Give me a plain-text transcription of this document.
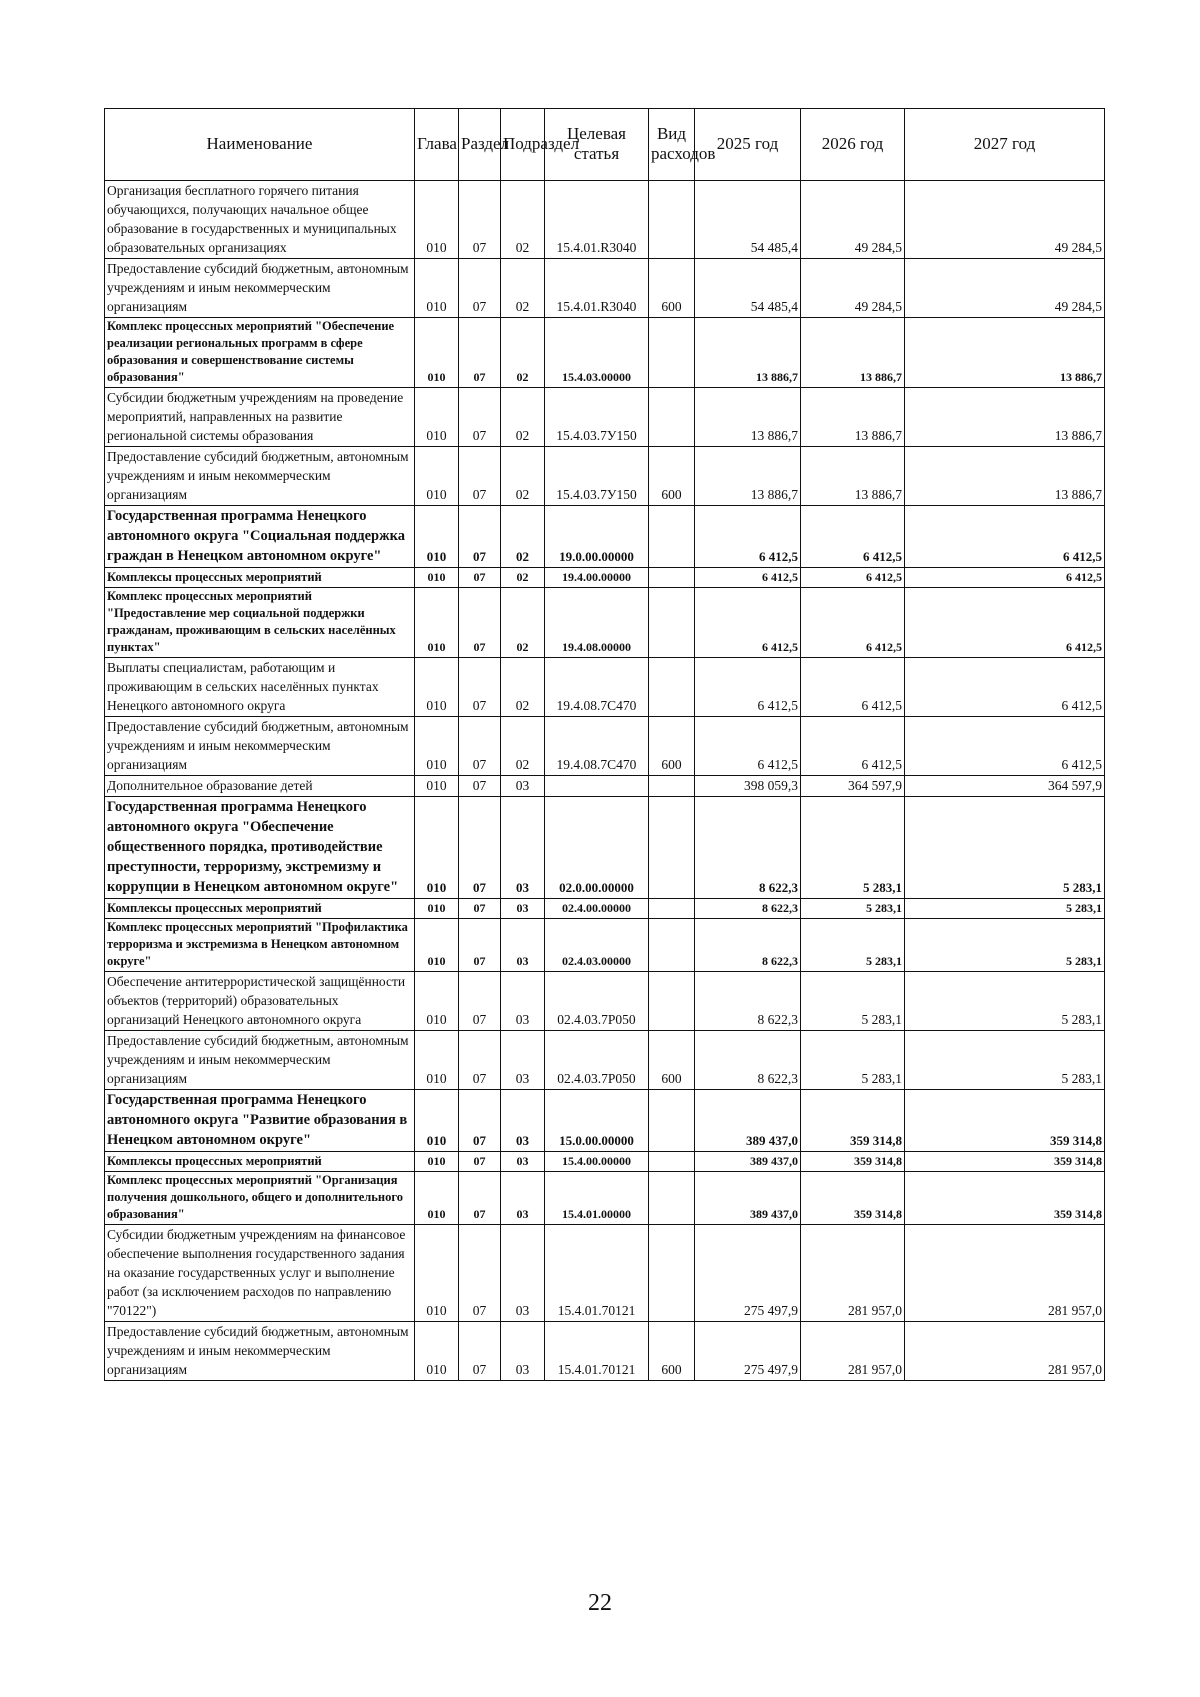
Наименование	Глава	Раздел	Подраздел	Целевая статья	Вид расходов	2025 год	2026 год	2027 год
Организация бесплатного горячего питания обучающихся, получающих начальное общее образование в государственных и муниципальных образовательных организациях	010	07	02	15.4.01.R3040		54 485,4	49 284,5	49 284,5
Предоставление субсидий бюджетным, автономным учреждениям и иным некоммерческим организациям	010	07	02	15.4.01.R3040	600	54 485,4	49 284,5	49 284,5
Комплекс процессных мероприятий "Обеспечение реализации региональных программ в сфере образования и совершенствование системы образования"	010	07	02	15.4.03.00000		13 886,7	13 886,7	13 886,7
Субсидии бюджетным учреждениям на проведение мероприятий, направленных на развитие региональной системы образования	010	07	02	15.4.03.7У150		13 886,7	13 886,7	13 886,7
Предоставление субсидий бюджетным, автономным учреждениям и иным некоммерческим организациям	010	07	02	15.4.03.7У150	600	13 886,7	13 886,7	13 886,7
Государственная программа Ненецкого автономного округа "Социальная поддержка граждан в Ненецком автономном округе"	010	07	02	19.0.00.00000		6 412,5	6 412,5	6 412,5
Комплексы процессных мероприятий	010	07	02	19.4.00.00000		6 412,5	6 412,5	6 412,5
Комплекс процессных мероприятий "Предоставление мер социальной поддержки гражданам, проживающим в сельских населённых пунктах"	010	07	02	19.4.08.00000		6 412,5	6 412,5	6 412,5
Выплаты специалистам, работающим и проживающим в сельских населённых пунктах Ненецкого автономного округа	010	07	02	19.4.08.7С470		6 412,5	6 412,5	6 412,5
Предоставление субсидий бюджетным, автономным учреждениям и иным некоммерческим организациям	010	07	02	19.4.08.7С470	600	6 412,5	6 412,5	6 412,5
Дополнительное образование детей	010	07	03			398 059,3	364 597,9	364 597,9
Государственная программа Ненецкого автономного округа "Обеспечение общественного порядка, противодействие преступности, терроризму, экстремизму и коррупции в Ненецком автономном округе"	010	07	03	02.0.00.00000		8 622,3	5 283,1	5 283,1
Комплексы процессных мероприятий	010	07	03	02.4.00.00000		8 622,3	5 283,1	5 283,1
Комплекс процессных мероприятий "Профилактика терроризма и экстремизма в Ненецком автономном округе"	010	07	03	02.4.03.00000		8 622,3	5 283,1	5 283,1
Обеспечение антитеррористической защищённости объектов (территорий) образовательных организаций Ненецкого автономного округа	010	07	03	02.4.03.7Р050		8 622,3	5 283,1	5 283,1
Предоставление субсидий бюджетным, автономным учреждениям и иным некоммерческим организациям	010	07	03	02.4.03.7Р050	600	8 622,3	5 283,1	5 283,1
Государственная программа Ненецкого автономного округа "Развитие образования в Ненецком автономном округе"	010	07	03	15.0.00.00000		389 437,0	359 314,8	359 314,8
Комплексы процессных мероприятий	010	07	03	15.4.00.00000		389 437,0	359 314,8	359 314,8
Комплекс процессных мероприятий "Организация получения дошкольного, общего и дополнительного образования"	010	07	03	15.4.01.00000		389 437,0	359 314,8	359 314,8
Субсидии бюджетным учреждениям на финансовое обеспечение выполнения государственного задания на оказание государственных услуг и выполнение работ (за исключением расходов по направлению "70122")	010	07	03	15.4.01.70121		275 497,9	281 957,0	281 957,0
Предоставление субсидий бюджетным, автономным учреждениям и иным некоммерческим организациям	010	07	03	15.4.01.70121	600	275 497,9	281 957,0	281 957,0
22
